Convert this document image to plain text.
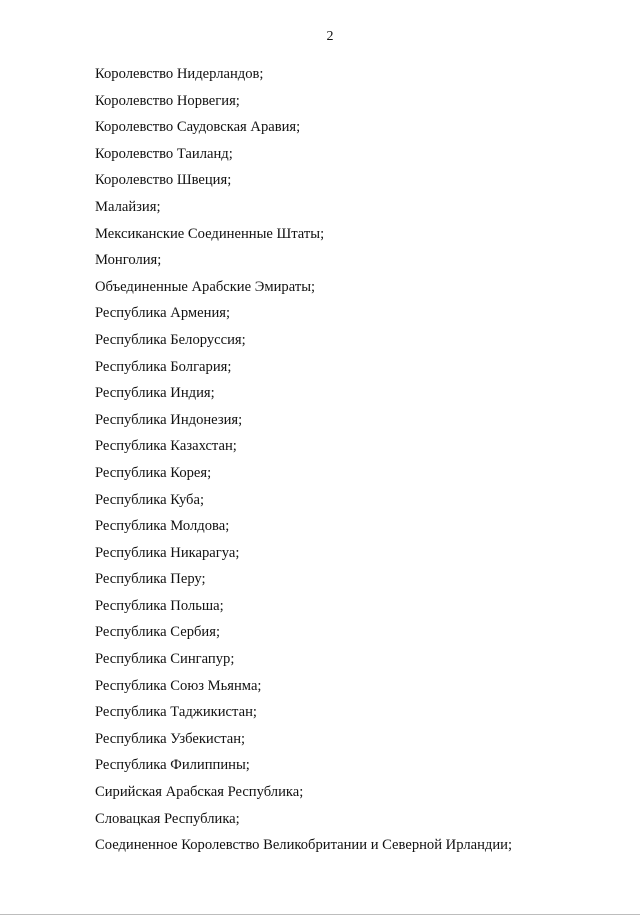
2
Королевство Нидерландов;
Королевство Норвегия;
Королевство Саудовская Аравия;
Королевство Таиланд;
Королевство Швеция;
Малайзия;
Мексиканские Соединенные Штаты;
Монголия;
Объединенные Арабские Эмираты;
Республика Армения;
Республика Белоруссия;
Республика Болгария;
Республика Индия;
Республика Индонезия;
Республика Казахстан;
Республика Корея;
Республика Куба;
Республика Молдова;
Республика Никарагуа;
Республика Перу;
Республика Польша;
Республика Сербия;
Республика Сингапур;
Республика Союз Мьянма;
Республика Таджикистан;
Республика Узбекистан;
Республика Филиппины;
Сирийская Арабская Республика;
Словацкая Республика;
Соединенное Королевство Великобритании и Северной Ирландии;
